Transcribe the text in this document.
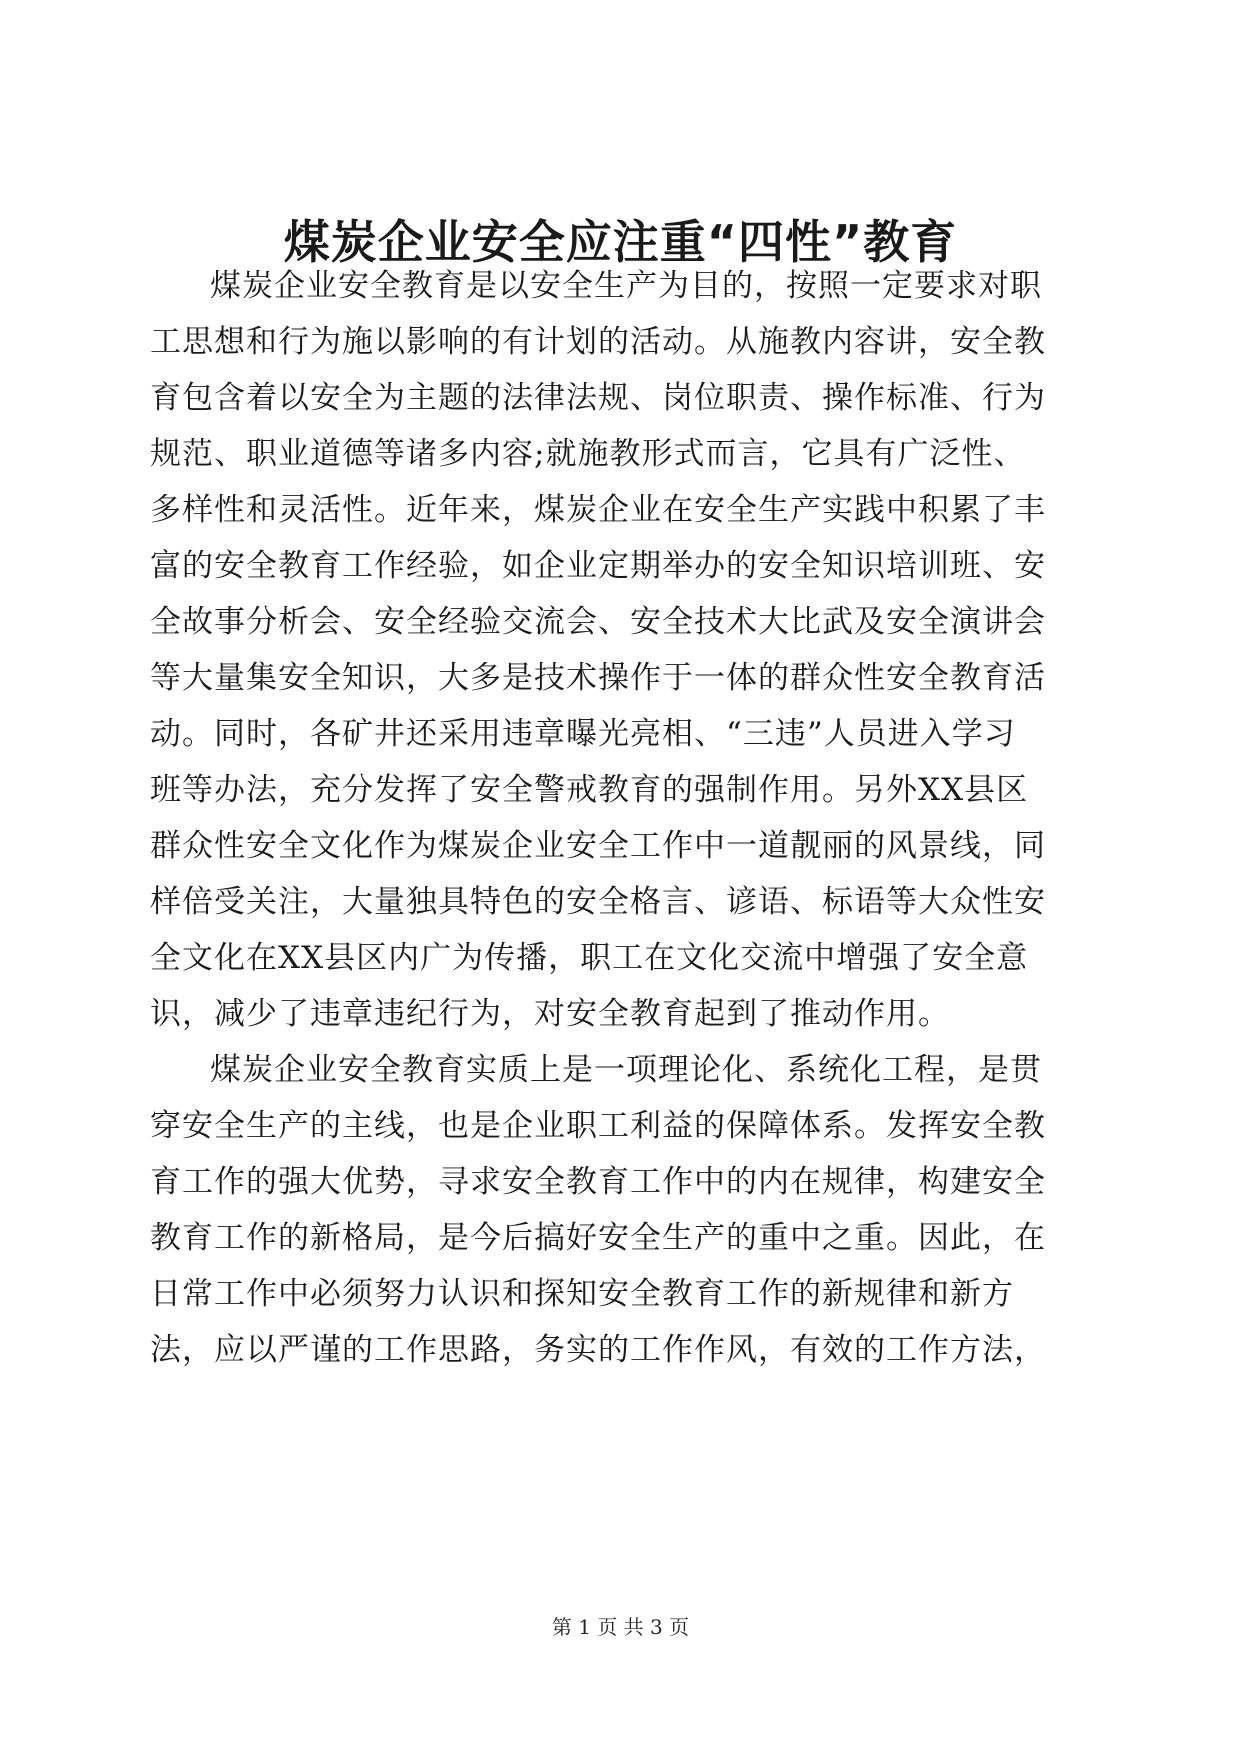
煤炭企业安全应注重“四性”教育
煤炭企业安全教育是以安全生产为目的，按照一定要求对职
工思想和行为施以影响的有计划的活动。从施教内容讲，安全教
育包含着以安全为主题的法律法规、岗位职责、操作标准、行为
规范、职业道德等诸多内容;就施教形式而言，它具有广泛性、
多样性和灵活性。近年来，煤炭企业在安全生产实践中积累了丰
富的安全教育工作经验，如企业定期举办的安全知识培训班、安
全故事分析会、安全经验交流会、安全技术大比武及安全演讲会
等大量集安全知识，大多是技术操作于一体的群众性安全教育活
动。同时，各矿井还采用违章曝光亮相、“三违”人员进入学习
班等办法，充分发挥了安全警戒教育的强制作用。另外XX县区
群众性安全文化作为煤炭企业安全工作中一道靓丽的风景线，同
样倍受关注，大量独具特色的安全格言、谚语、标语等大众性安
全文化在XX县区内广为传播，职工在文化交流中增强了安全意
识，减少了违章违纪行为，对安全教育起到了推动作用。
煤炭企业安全教育实质上是一项理论化、系统化工程，是贯
穿安全生产的主线，也是企业职工利益的保障体系。发挥安全教
育工作的强大优势，寻求安全教育工作中的内在规律，构建安全
教育工作的新格局，是今后搞好安全生产的重中之重。因此，在
日常工作中必须努力认识和探知安全教育工作的新规律和新方
法，应以严谨的工作思路，务实的工作作风，有效的工作方法，
第 1 页 共 3 页
